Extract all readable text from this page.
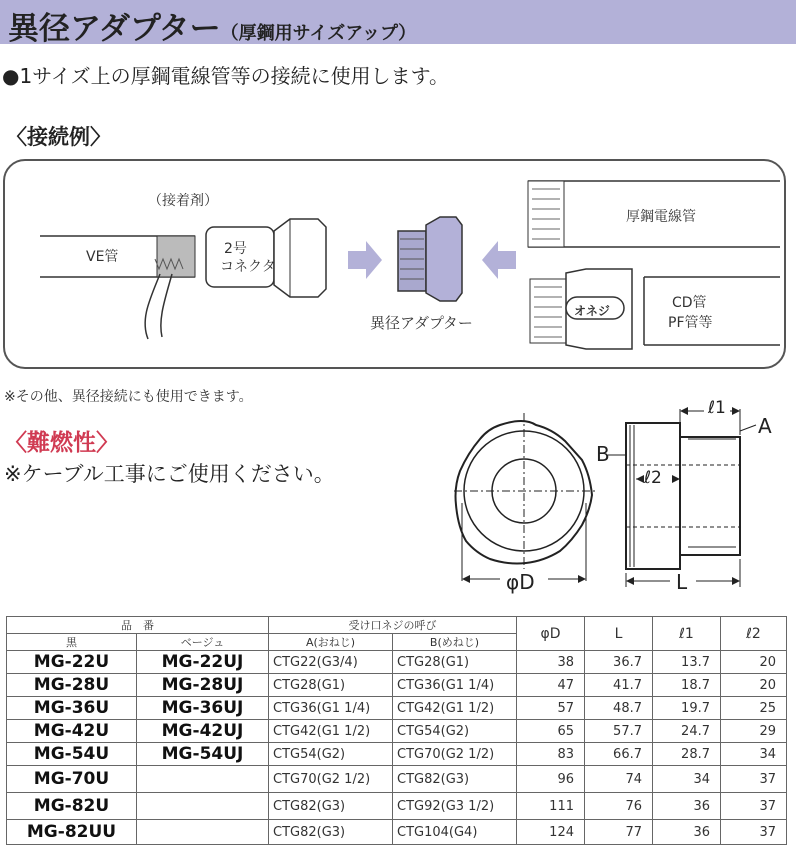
異径アダプター（厚鋼用サイズアップ）
●1サイズ上の厚鋼電線管等の接続に使用します。
〈接続例〉
（接着剤）
VE管	2号
コネクタ
異径アダプター
厚鋼電線管
オネジ	CD管
PF管等
※その他、異径接続にも使用できます。
〈難燃性〉
※ケーブル工事にご使用ください。
ℓ1
A
B
ℓ2
φD	L
品　番		受け口ネジの呼び		φD	L	ℓ1	ℓ2
黒	ベージュ	A(おねじ)	B(めねじ)				
MG-22U	MG-22UJ	CTG22(G3/4)	CTG28(G1)	38	36.7	13.7	20
MG-28U	MG-28UJ	CTG28(G1)	CTG36(G1 1/4)	47	41.7	18.7	20
MG-36U	MG-36UJ	CTG36(G1 1/4)	CTG42(G1 1/2)	57	48.7	19.7	25
MG-42U	MG-42UJ	CTG42(G1 1/2)	CTG54(G2)	65	57.7	24.7	29
MG-54U	MG-54UJ	CTG54(G2)	CTG70(G2 1/2)	83	66.7	28.7	34
MG-70U		CTG70(G2 1/2)	CTG82(G3)	96	74	34	37
MG-82U		CTG82(G3)	CTG92(G3 1/2)	111	76	36	37
MG-82UU		CTG82(G3)	CTG104(G4)	124	77	36	37
